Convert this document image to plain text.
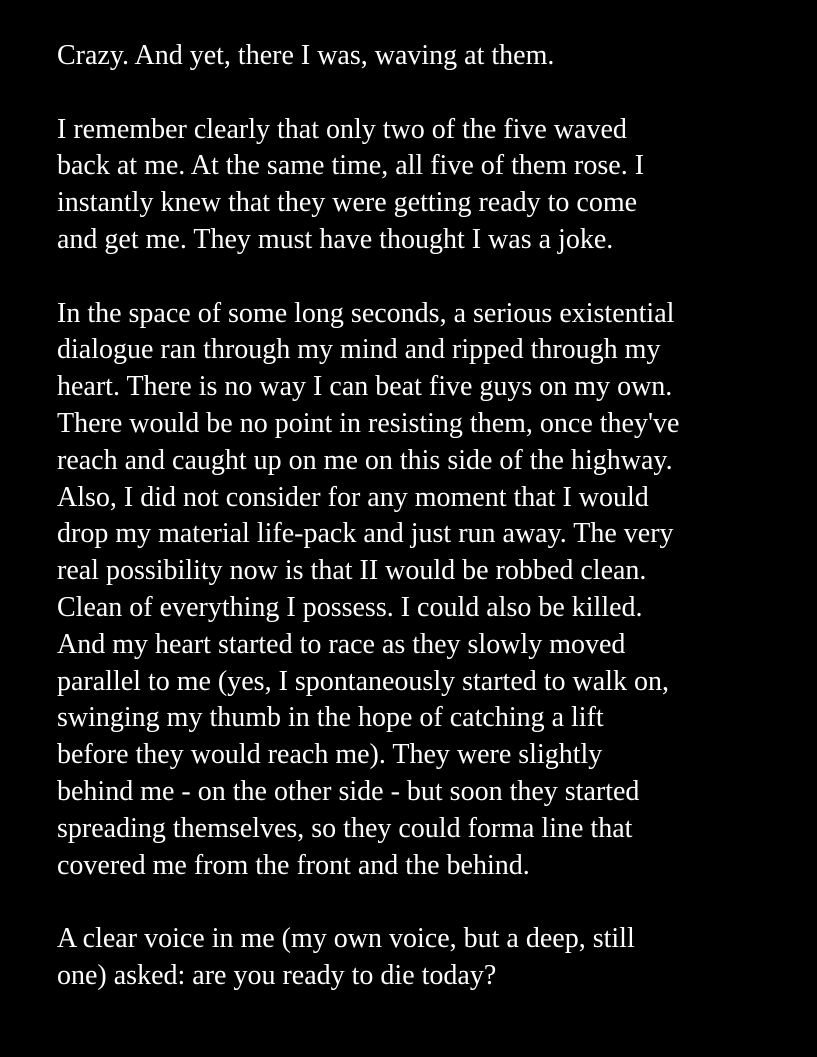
Crazy. And yet, there I was, waving at them.

I remember clearly that only two of the five waved
back at me. At the same time, all five of them rose. I
instantly knew that they were getting ready to come
and get me. They must have thought I was a joke.

In the space of some long seconds, a serious existential
dialogue ran through my mind and ripped through my
heart. There is no way I can beat five guys on my own.
There would be no point in resisting them, once they've
reach and caught up on me on this side of the highway.
Also, I did not consider for any moment that I would
drop my material life-pack and just run away. The very
real possibility now is that II would be robbed clean.
Clean of everything I possess. I could also be killed.
And my heart started to race as they slowly moved
parallel to me (yes, I spontaneously started to walk on,
swinging my thumb in the hope of catching a lift
before they would reach me). They were slightly
behind me - on the other side - but soon they started
spreading themselves, so they could forma line that
covered me from the front and the behind.

A clear voice in me (my own voice, but a deep, still
one) asked: are you ready to die today?
